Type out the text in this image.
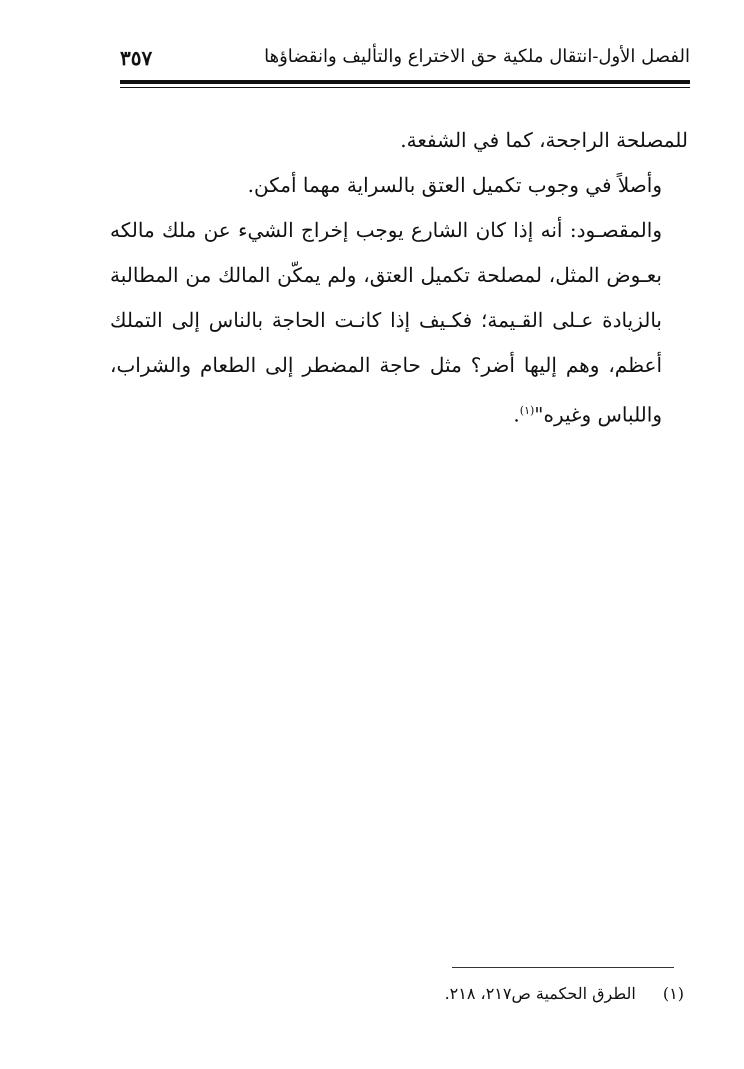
٣٥٧	الفصل الأول-انتقال ملكية حق الاختراع والتأليف وانقضاؤها

للمصلحة الراجحة، كما في الشفعة.

وأصلاً في وجوب تكميل العتق بالسراية مهما أمكن.

والمقصـود: أنه إذا كان الشارع يوجب إخراج الشيء عن ملك مالكه بعـوض المثل، لمصلحة تكميل العتق، ولم يمكّن المالك من المطالبة بالزيادة عـلى القـيمة؛ فكـيف إذا كانـت الحاجة بالناس إلى التملك أعظم، وهم إليها أضر؟ مثل حاجة المضطر إلى الطعام والشراب، واللباس وغيره"$^{(١)}$.

(١) الطرق الحكمية ص٢١٧، ٢١٨.
